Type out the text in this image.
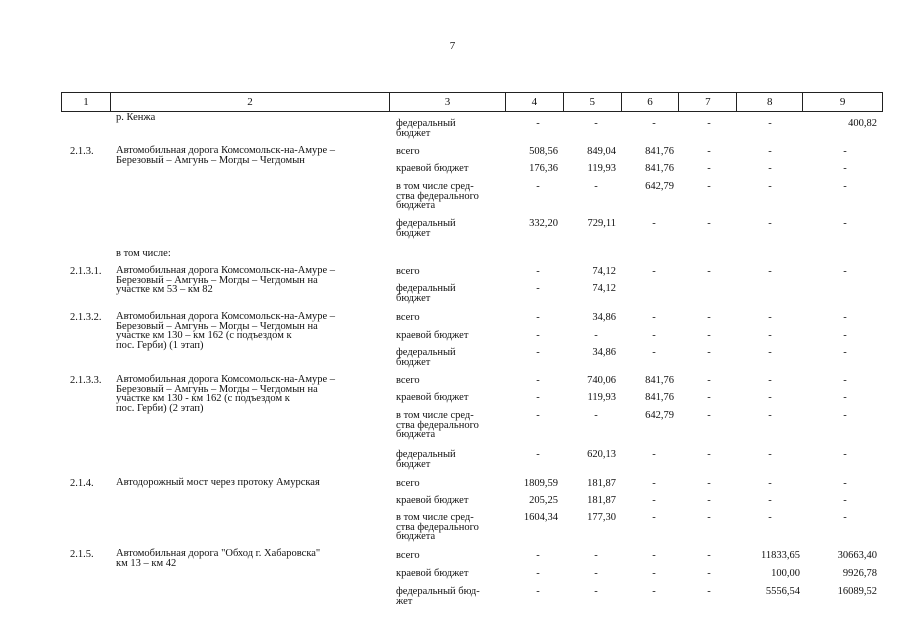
7
1	2	3	4	5	6	7	8	9
р. Кенжа
федеральный
бюджет
-	-	-	-	-	400,82
2.1.3. Автомобильная дорога Комсомольск-на-Амуре –
Березовый – Амгунь – Могды – Чегдомын
всего	508,56	849,04	841,76	-	-	-
краевой бюджет	176,36	119,93	841,76	-	-	-
в том числе сред-
ства федерального
бюджета
-	-	642,79	-	-	-
федеральный
бюджет
332,20	729,11	-	-	-	-
в том числе:
2.1.3.1. Автомобильная дорога Комсомольск-на-Амуре –
Березовый – Амгунь – Могды – Чегдомын на
участке км 53 – км 82
всего	-	74,12	-	-	-	-
федеральный
бюджет
-	74,12
2.1.3.2. Автомобильная дорога Комсомольск-на-Амуре –
Березовый – Амгунь – Могды – Чегдомын на
участке км 130 – км 162 (с подъездом к
пос. Герби) (1 этап)
всего	-	34,86	-	-	-	-
краевой бюджет	-	-	-	-	-	-
федеральный
бюджет
-	34,86	-	-	-	-
2.1.3.3. Автомобильная дорога Комсомольск-на-Амуре –
Березовый – Амгунь – Могды – Чегдомын на
участке км 130 - км 162 (с подъездом к
пос. Герби) (2 этап)
всего	-	740,06	841,76	-	-	-
краевой бюджет	-	119,93	841,76	-	-	-
в том числе сред-
ства федерального
бюджета
-	-	642,79	-	-	-
федеральный
бюджет
-	620,13	-	-	-	-
2.1.4. Автодорожный мост через протоку Амурская	всего	1809,59	181,87	-	-	-	-
краевой бюджет	205,25	181,87	-	-	-	-
в том числе сред-
ства федерального
бюджета
1604,34	177,30	-	-	-	-
2.1.5. Автомобильная дорога "Обход г. Хабаровска"
км 13 – км 42
всего	-	-	-	-	11833,65	30663,40
краевой бюджет	-	-	-	-	100,00	9926,78
федеральный бюд-
жет
-	-	-	-	5556,54	16089,52
